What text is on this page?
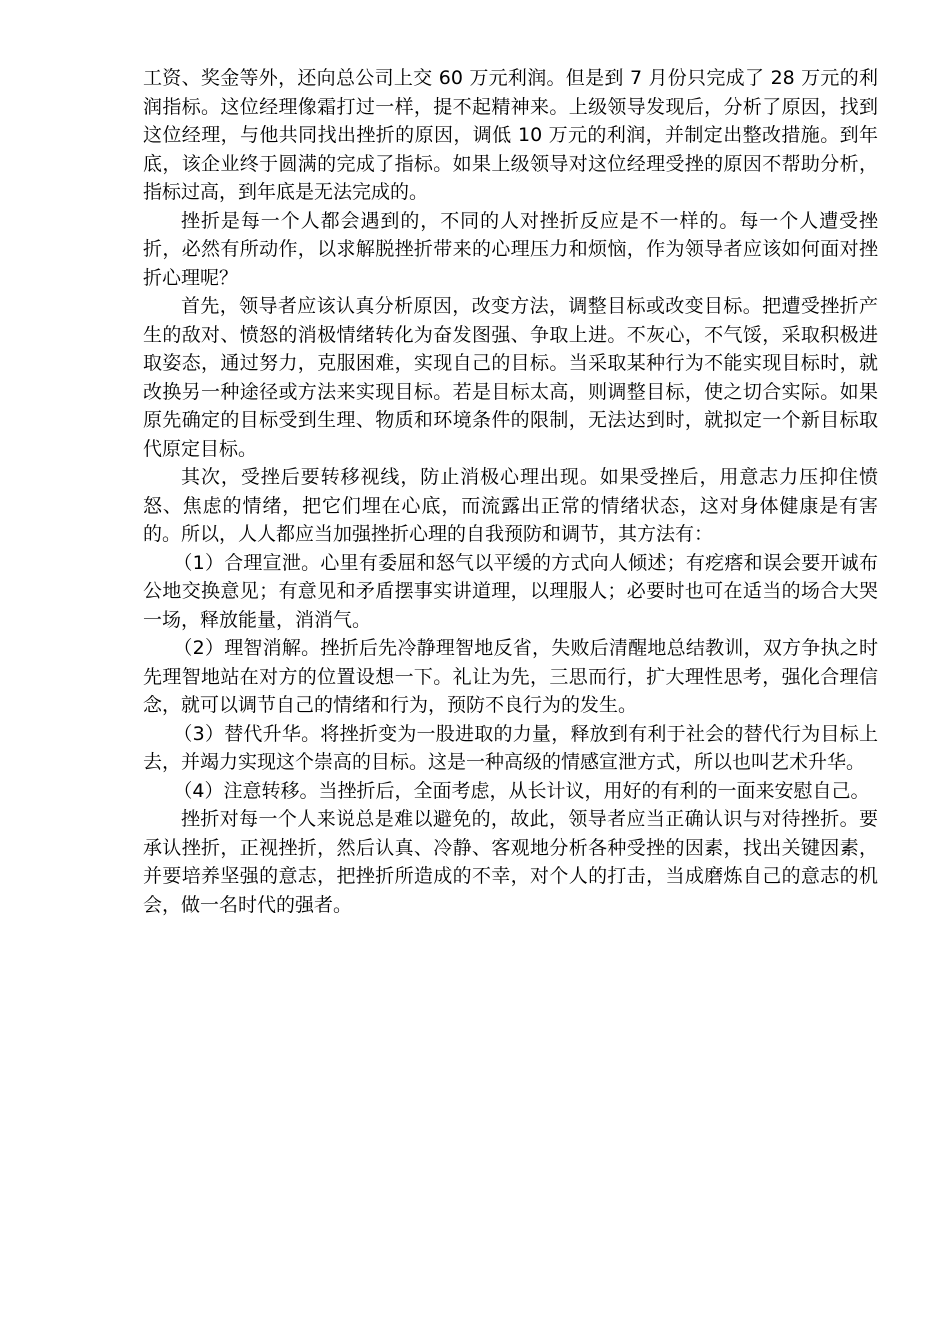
工资、奖金等外，还向总公司上交 60 万元利润。但是到 7 月份只完成了 28 万元的利润指标。这位经理像霜打过一样，提不起精神来。上级领导发现后，分析了原因，找到这位经理，与他共同找出挫折的原因，调低 10 万元的利润，并制定出整改措施。到年底，该企业终于圆满的完成了指标。如果上级领导对这位经理受挫的原因不帮助分析，指标过高，到年底是无法完成的。

挫折是每一个人都会遇到的，不同的人对挫折反应是不一样的。每一个人遭受挫折，必然有所动作，以求解脱挫折带来的心理压力和烦恼，作为领导者应该如何面对挫折心理呢？

首先，领导者应该认真分析原因，改变方法，调整目标或改变目标。把遭受挫折产生的敌对、愤怒的消极情绪转化为奋发图强、争取上进。不灰心，不气馁，采取积极进取姿态，通过努力，克服困难，实现自己的目标。当采取某种行为不能实现目标时，就改换另一种途径或方法来实现目标。若是目标太高，则调整目标，使之切合实际。如果原先确定的目标受到生理、物质和环境条件的限制，无法达到时，就拟定一个新目标取代原定目标。

其次，受挫后要转移视线，防止消极心理出现。如果受挫后，用意志力压抑住愤怒、焦虑的情绪，把它们埋在心底，而流露出正常的情绪状态，这对身体健康是有害的。所以，人人都应当加强挫折心理的自我预防和调节，其方法有：

（1）合理宣泄。心里有委屈和怒气以平缓的方式向人倾述；有疙瘩和误会要开诚布公地交换意见；有意见和矛盾摆事实讲道理，以理服人；必要时也可在适当的场合大哭一场，释放能量，消消气。

（2）理智消解。挫折后先冷静理智地反省，失败后清醒地总结教训，双方争执之时先理智地站在对方的位置设想一下。礼让为先，三思而行，扩大理性思考，强化合理信念，就可以调节自己的情绪和行为，预防不良行为的发生。

（3）替代升华。将挫折变为一股进取的力量，释放到有利于社会的替代行为目标上去，并竭力实现这个崇高的目标。这是一种高级的情感宣泄方式，所以也叫艺术升华。

（4）注意转移。当挫折后，全面考虑，从长计议，用好的有利的一面来安慰自己。

挫折对每一个人来说总是难以避免的，故此，领导者应当正确认识与对待挫折。要承认挫折，正视挫折，然后认真、冷静、客观地分析各种受挫的因素，找出关键因素，并要培养坚强的意志，把挫折所造成的不幸，对个人的打击，当成磨炼自己的意志的机会，做一名时代的强者。
